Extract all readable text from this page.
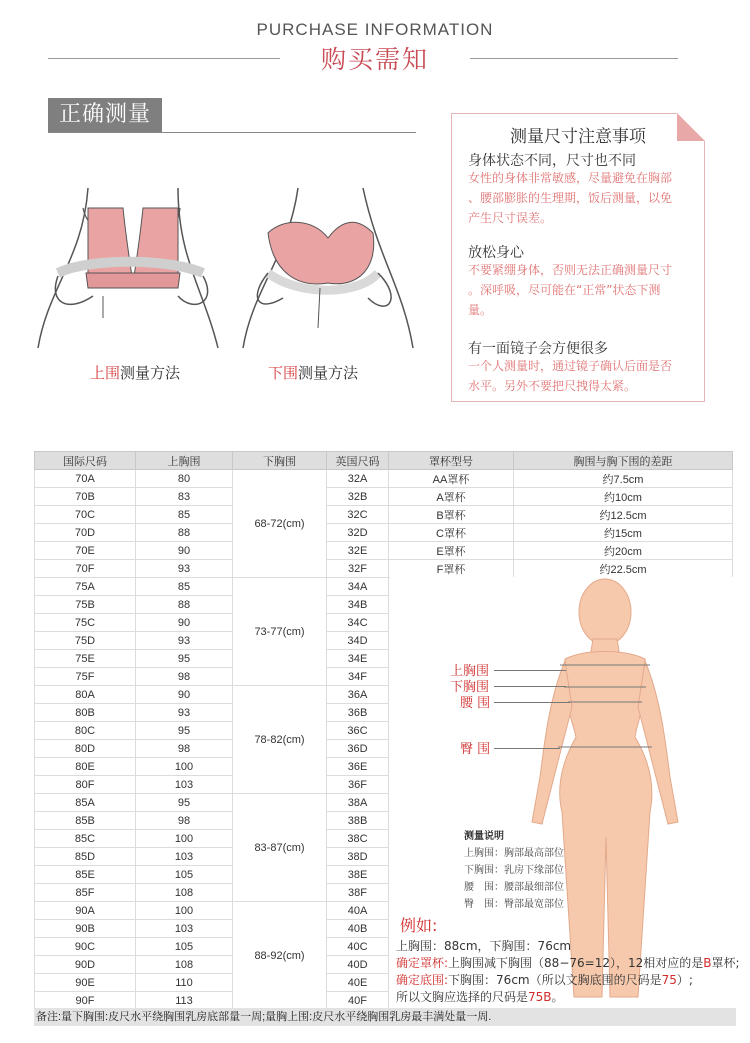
PURCHASE INFORMATION
购买需知
正确测量
上围测量方法	下围测量方法
测量尺寸注意事项
身体状态不同，尺寸也不同
女性的身体非常敏感，尽量避免在胸部
、腰部膨胀的生理期，饭后测量，以免
产生尺寸误差。
放松身心
不要紧绷身体，否则无法正确测量尺寸
。深呼吸，尽可能在“正常”状态下测
量。
有一面镜子会方便很多
一个人测量时，通过镜子确认后面是否
水平。另外不要把尺拽得太紧。
国际尺码	上胸围	下胸围	英国尺码	罩杯型号	胸围与胸下围的差距
70A	80	68-72(cm)	32A	AA罩杯	约7.5cm
70B	83		32B	A罩杯	约10cm
70C	85		32C	B罩杯	约12.5cm
70D	88		32D	C罩杯	约15cm
70E	90		32E	E罩杯	约20cm
70F	93		32F	F罩杯	约22.5cm
75A	85	73-77(cm)	34A		
75B	88		34B		
75C	90		34C		
75D	93		34D		
75E	95		34E		
75F	98		34F		
80A	90	78-82(cm)	36A		
80B	93		36B		
80C	95		36C		
80D	98		36D		
80E	100		36E		
80F	103		36F		
85A	95	83-87(cm)	38A		
85B	98		38B		
85C	100		38C		
85D	103		38D		
85E	105		38E		
85F	108		38F		
90A	100	88-92(cm)	40A		
90B	103		40B		
90C	105		40C		
90D	108		40D		
90E	110		40E		
90F	113		40F		
上胸围
下胸围
腰 围
臀 围
测量说明
上胸围：胸部最高部位
下胸围：乳房下缘部位
腰　围：腰部最细部位
臀　围：臀部最宽部位
例如:
上胸围：88cm，下胸围：76cm
确定罩杯:上胸围减下胸围（88−76=12），12相对应的是B罩杯;
确定底围:下胸围：76cm（所以文胸底围的尺码是75）;
所以文胸应选择的尺码是75B。
备注:量下胸围:皮尺水平绕胸围乳房底部量一周;量胸上围:皮尺水平绕胸围乳房最丰满处量一周.
